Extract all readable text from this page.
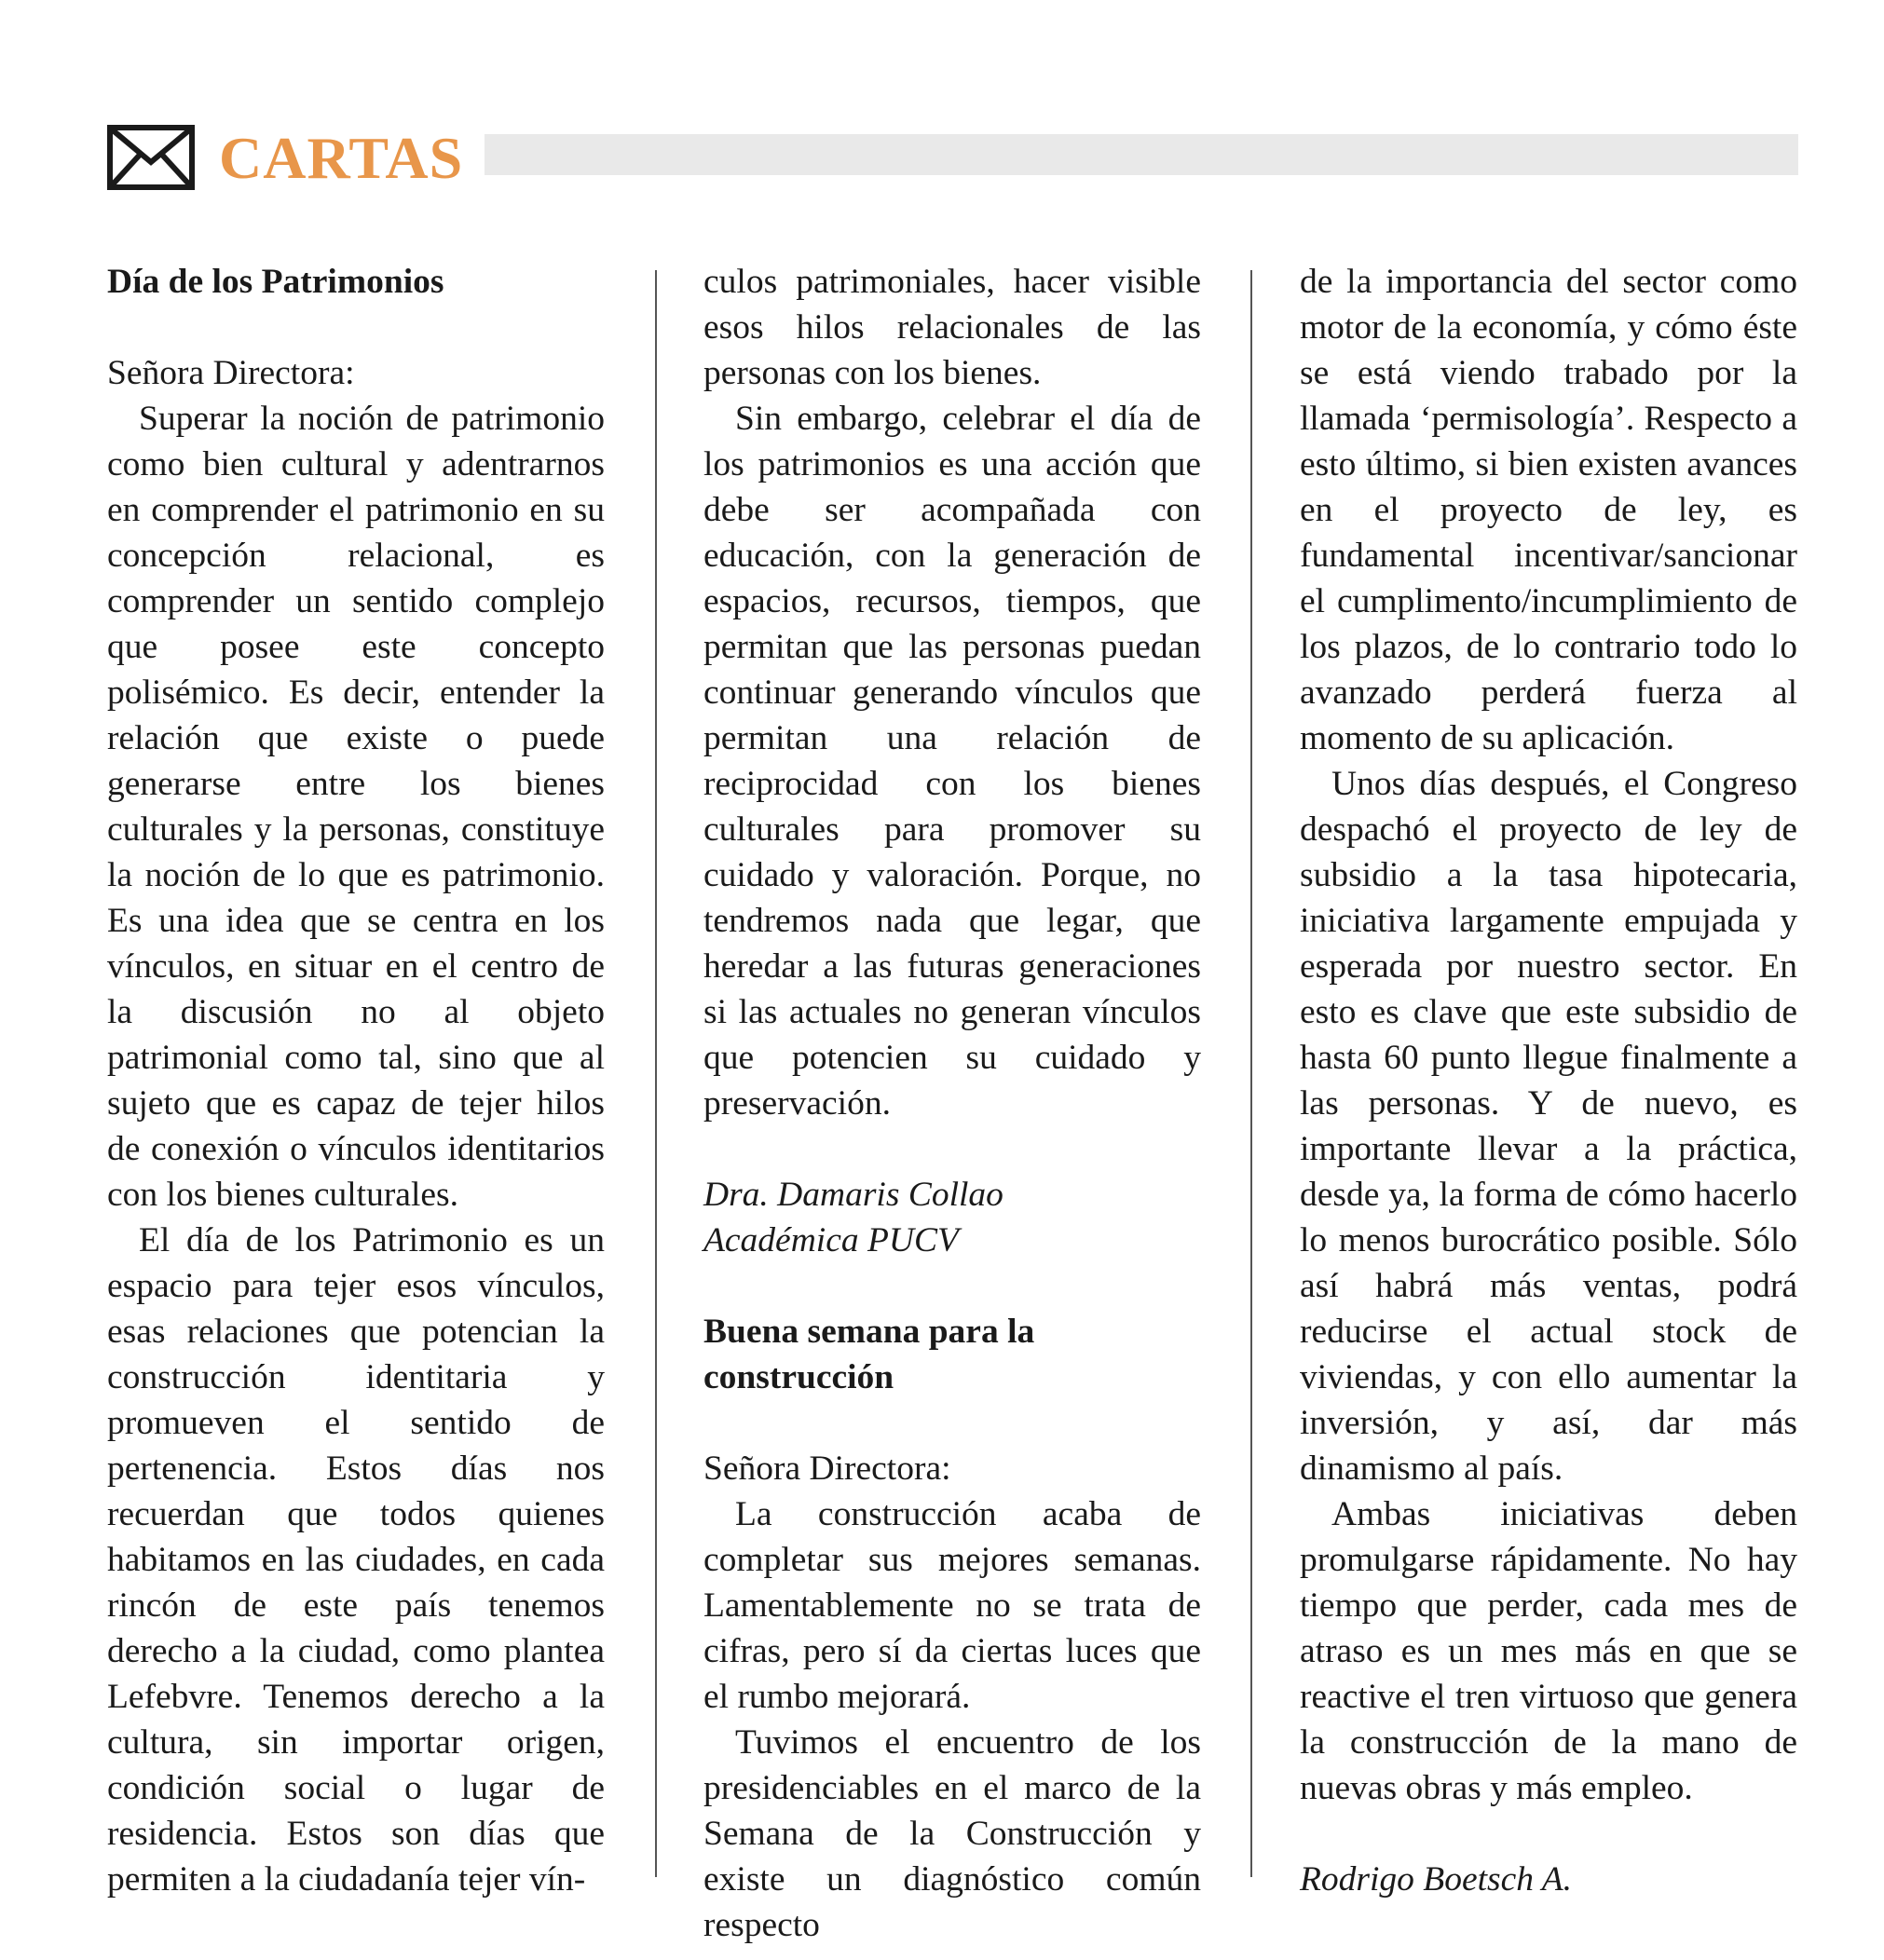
CARTAS
Día de los Patrimonios

Señora Directora:

Superar la noción de patrimonio como bien cultural y adentrarnos en comprender el patrimonio en su concepción relacional, es comprender un sentido complejo que posee este concepto polisémico. Es decir, entender la relación que existe o puede generarse entre los bienes culturales y la personas, constituye la noción de lo que es patrimonio. Es una idea que se centra en los vínculos, en situar en el centro de la discusión no al objeto patrimonial como tal, sino que al sujeto que es capaz de tejer hilos de conexión o vínculos identitarios con los bienes culturales.

El día de los Patrimonio es un espacio para tejer esos vínculos, esas relaciones que potencian la construcción identitaria y promueven el sentido de pertenencia. Estos días nos recuerdan que todos quienes habitamos en las ciudades, en cada rincón de este país tenemos derecho a la ciudad, como plantea Lefebvre. Tenemos derecho a la cultura, sin importar origen, condición social o lugar de residencia. Estos son días que permiten a la ciudadanía tejer vín-

culos patrimoniales, hacer visible esos hilos relacionales de las personas con los bienes.

Sin embargo, celebrar el día de los patrimonios es una acción que debe ser acompañada con educación, con la generación de espacios, recursos, tiempos, que permitan que las personas puedan continuar generando vínculos que permitan una relación de reciprocidad con los bienes culturales para promover su cuidado y valoración. Porque, no tendremos nada que legar, que heredar a las futuras generaciones si las actuales no generan vínculos que potencien su cuidado y preservación.

Dra. Damaris Collao

Académica PUCV

Buena semana para la construcción

Señora Directora:

La construcción acaba de completar sus mejores semanas. Lamentablemente no se trata de cifras, pero sí da ciertas luces que el rumbo mejorará.

Tuvimos el encuentro de los presidenciables en el marco de la Semana de la Construcción y existe un diagnóstico común respecto

de la importancia del sector como motor de la economía, y cómo éste se está viendo trabado por la llamada ‘permisología’. Respecto a esto último, si bien existen avances en el proyecto de ley, es fundamental incentivar/sancionar el cumplimento/incumplimiento de los plazos, de lo contrario todo lo avanzado perderá fuerza al momento de su aplicación.

Unos días después, el Congreso despachó el proyecto de ley de subsidio a la tasa hipotecaria, iniciativa largamente empujada y esperada por nuestro sector. En esto es clave que este subsidio de hasta 60 punto llegue finalmente a las personas. Y de nuevo, es importante llevar a la práctica, desde ya, la forma de cómo hacerlo lo menos burocrático posible. Sólo así habrá más ventas, podrá reducirse el actual stock de viviendas, y con ello aumentar la inversión, y así, dar más dinamismo al país.

Ambas iniciativas deben promulgarse rápidamente. No hay tiempo que perder, cada mes de atraso es un mes más en que se reactive el tren virtuoso que genera la construcción de la mano de nuevas obras y más empleo.

Rodrigo Boetsch A.
